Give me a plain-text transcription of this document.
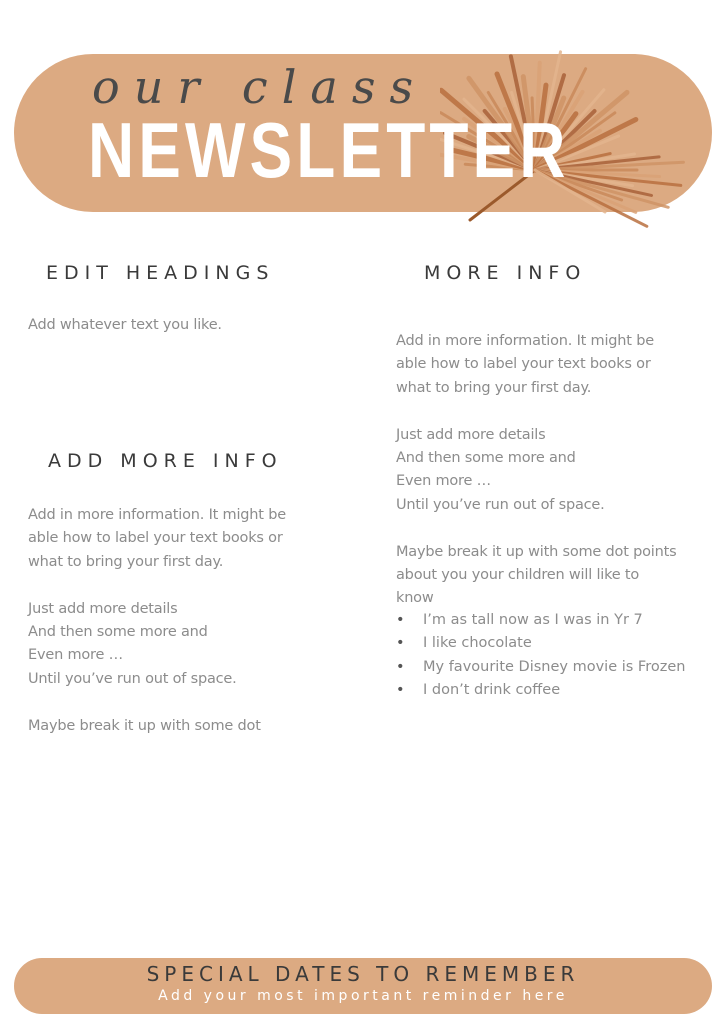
our class
NEWSLETTER
EDIT HEADINGS
Add whatever text you like.
ADD MORE INFO
Add in more information. It might be
able how to label your text books or
what to bring your first day.

Just add more details
And then some more and
Even more …
Until you’ve run out of space.

Maybe break it up with some dot
MORE INFO
Add in more information. It might be
able how to label your text books or
what to bring your first day.

Just add more details
And then some more and
Even more …
Until you’ve run out of space.

Maybe break it up with some dot points
about you your children will like to
know
• I’m as tall now as I was in Yr 7
• I like chocolate
• My favourite Disney movie is Frozen
• I don’t drink coffee
SPECIAL DATES TO REMEMBER
Add your most important reminder here
